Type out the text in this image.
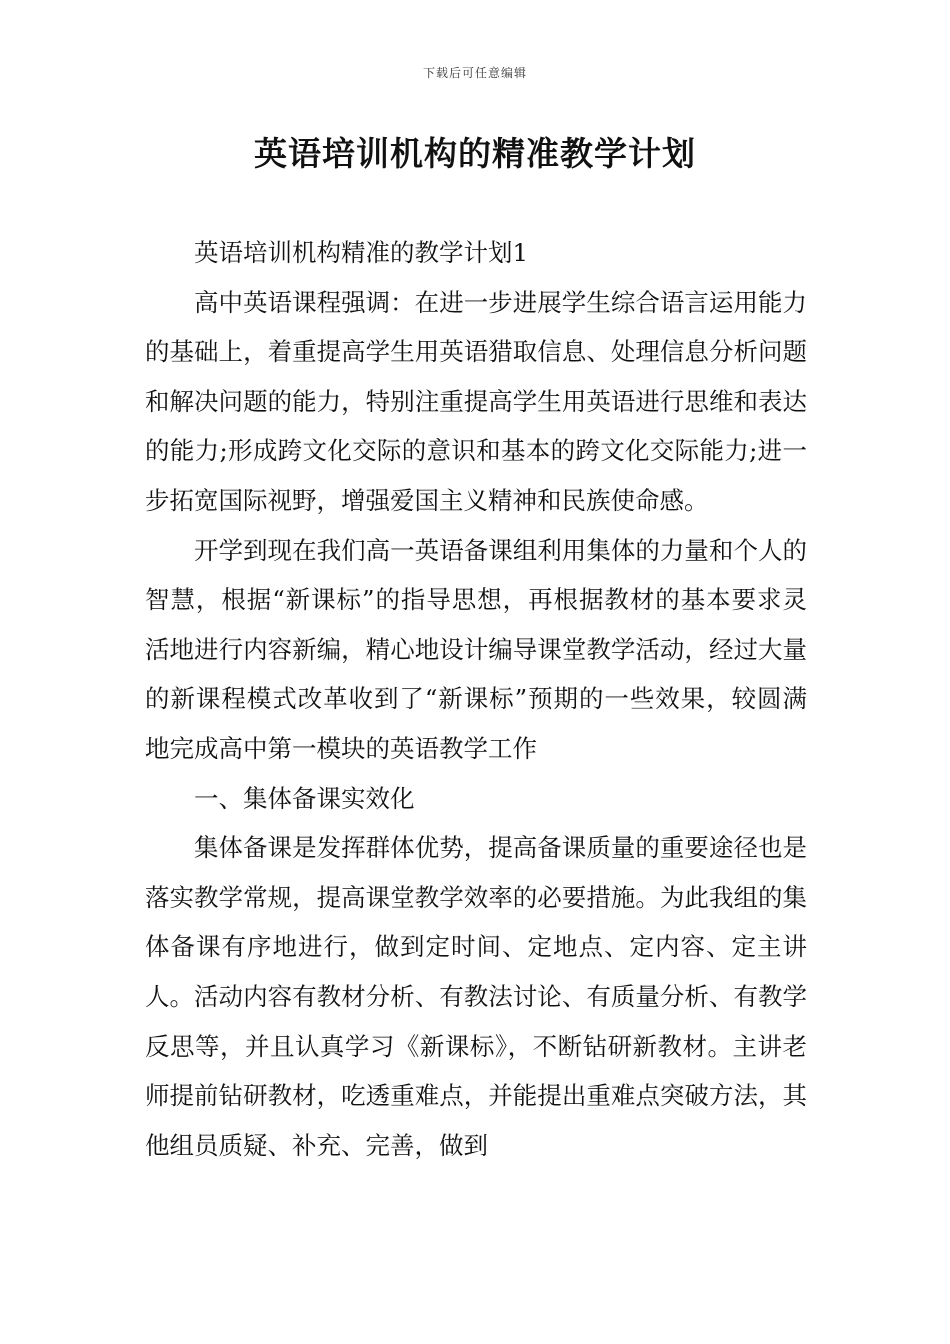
下载后可任意编辑
英语培训机构的精准教学计划

英语培训机构精准的教学计划1

高中英语课程强调：在进一步进展学生综合语言运用能力的基础上，着重提高学生用英语猎取信息、处理信息分析问题和解决问题的能力，特别注重提高学生用英语进行思维和表达的能力;形成跨文化交际的意识和基本的跨文化交际能力;进一步拓宽国际视野，增强爱国主义精神和民族使命感。

开学到现在我们高一英语备课组利用集体的力量和个人的智慧，根据“新课标”的指导思想，再根据教材的基本要求灵活地进行内容新编，精心地设计编导课堂教学活动，经过大量的新课程模式改革收到了“新课标”预期的一些效果，较圆满地完成高中第一模块的英语教学工作

一、集体备课实效化

集体备课是发挥群体优势，提高备课质量的重要途径也是落实教学常规，提高课堂教学效率的必要措施。为此我组的集体备课有序地进行，做到定时间、定地点、定内容、定主讲人。活动内容有教材分析、有教法讨论、有质量分析、有教学反思等，并且认真学习《新课标》，不断钻研新教材。主讲老师提前钻研教材，吃透重难点，并能提出重难点突破方法，其他组员质疑、补充、完善，做到
